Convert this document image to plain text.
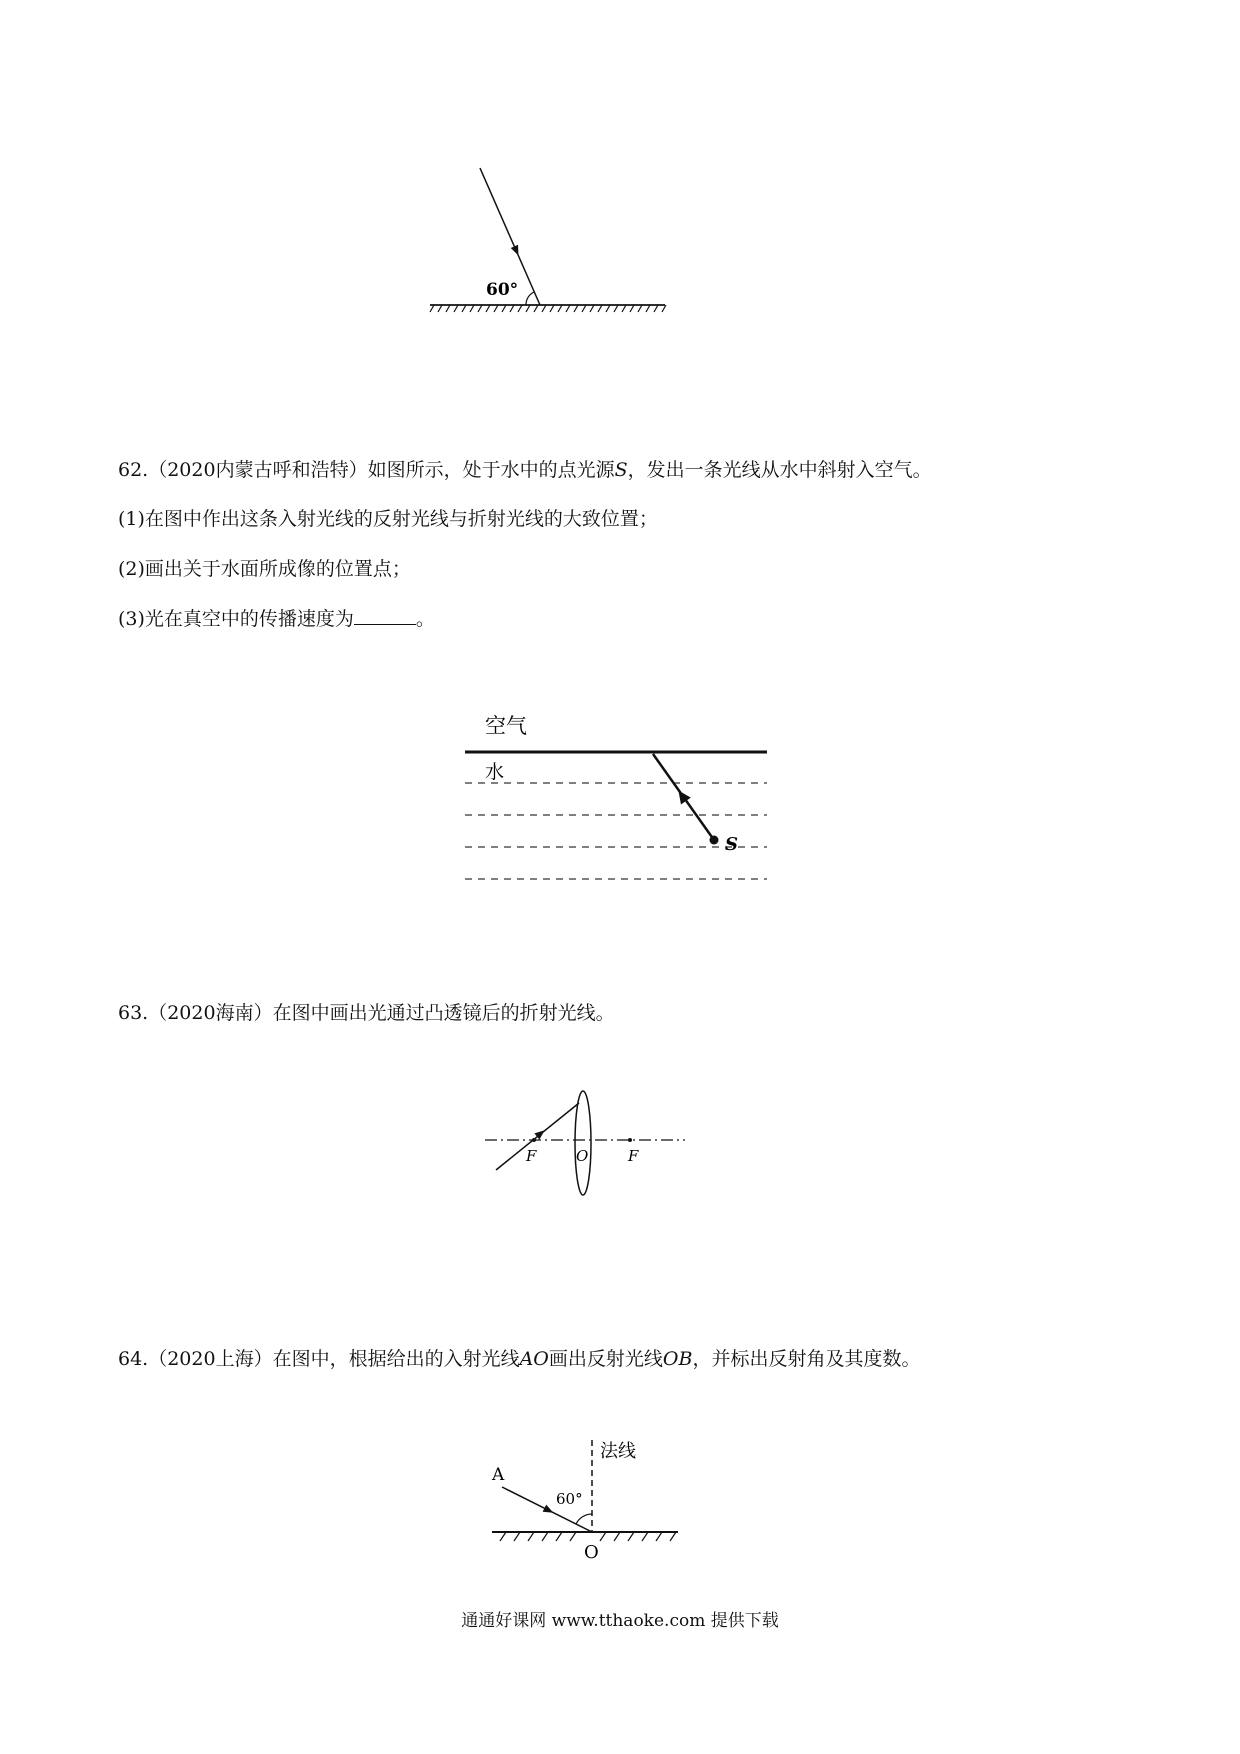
60°
62.（2020内蒙古呼和浩特）如图所示，处于水中的点光源S，发出一条光线从水中斜射入空气。
(1)在图中作出这条入射光线的反射光线与折射光线的大致位置；
(2)画出关于水面所成像的位置点；
(3)光在真空中的传播速度为	。
空气
水
S
63.（2020海南）在图中画出光通过凸透镜后的折射光线。
F	O	F
64.（2020上海）在图中，根据给出的入射光线AO画出反射光线OB，并标出反射角及其度数。
法线
A
60°
O
通通好课网 www.tthaoke.com 提供下载
